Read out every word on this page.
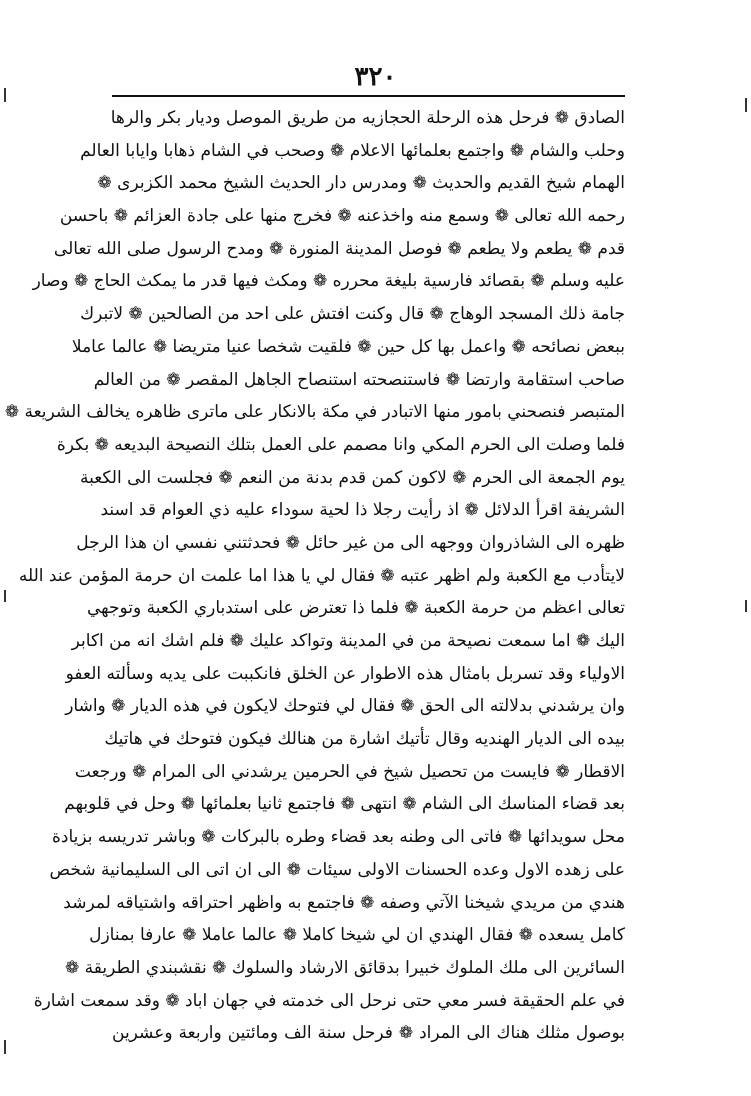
٣٢٠
الصادق ❁ فرحل هذه الرحلة الحجازيه من طريق الموصل وديار بكر والرها
وحلب والشام ❁ واجتمع بعلمائها الاعلام ❁ وصحب في الشام ذهابا وايابا العالم
الهمام شيخ القديم والحديث ❁ ومدرس دار الحديث الشيخ محمد الكزبرى ❁
رحمه الله تعالى ❁ وسمع منه واخذعنه ❁ فخرج منها على جادة العزائم ❁ باحسن
قدم ❁ يطعم ولا يطعم ❁ فوصل المدينة المنورة ❁ ومدح الرسول صلى الله تعالى
عليه وسلم ❁ بقصائد فارسية بليغة محرره ❁ ومكث فيها قدر ما يمكث الحاج ❁ وصار
جامة ذلك المسجد الوهاج ❁ قال وكنت افتش على احد من الصالحين ❁ لاتبرك
ببعض نصائحه ❁ واعمل بها كل حين ❁ فلقيت شخصا عنيا متريضا ❁ عالما عاملا
صاحب استقامة وارتضا ❁ فاستنصحته استنصاح الجاهل المقصر ❁ من العالم
المتبصر فنصحني بامور منها الاتبادر في مكة بالانكار على ماترى ظاهره يخالف الشريعة ❁
فلما وصلت الى الحرم المكي وانا مصمم على العمل بتلك النصيحة البديعه ❁ بكرة
يوم الجمعة الى الحرم ❁ لاكون كمن قدم بدنة من النعم ❁ فجلست الى الكعبة
الشريفة اقرأ الدلائل ❁ اذ رأيت رجلا ذا لحية سوداء عليه ذي العوام قد اسند
ظهره الى الشاذروان ووجهه الى من غير حائل ❁ فحدثتني نفسي ان هذا الرجل
لايتأدب مع الكعبة ولم اظهر عتبه ❁ فقال لي يا هذا اما علمت ان حرمة المؤمن عند الله
تعالى اعظم من حرمة الكعبة ❁ فلما ذا تعترض على استدباري الكعبة وتوجهي
اليك ❁ اما سمعت نصيحة من في المدينة وتواكد عليك ❁ فلم اشك انه من اكابر
الاولياء وقد تسربل بامثال هذه الاطوار عن الخلق فانكببت على يديه وسألته العفو
وان يرشدني بدلالته الى الحق ❁ فقال لي فتوحك لايكون في هذه الديار ❁ واشار
بيده الى الديار الهنديه وقال تأتيك اشارة من هنالك فيكون فتوحك في هاتيك
الاقطار ❁ فايست من تحصيل شيخ في الحرمين يرشدني الى المرام ❁ ورجعت
بعد قضاء المناسك الى الشام ❁ انتهى ❁ فاجتمع ثانيا بعلمائها ❁ وحل في قلوبهم
محل سويدائها ❁ فاتى الى وطنه بعد قضاء وطره بالبركات ❁ وباشر تدريسه بزيادة
على زهده الاول وعده الحسنات الاولى سيئات ❁ الى ان اتى الى السليمانية شخص
هندي من مريدي شيخنا الآتي وصفه ❁ فاجتمع به واظهر احتراقه واشتياقه لمرشد
كامل يسعده ❁ فقال الهندي ان لي شيخا كاملا ❁ عالما عاملا ❁ عارفا بمنازل
السائرين الى ملك الملوك خبيرا بدقائق الارشاد والسلوك ❁ نقشبندي الطريقة ❁
في علم الحقيقة فسر معي حتى نرحل الى خدمته في جهان اباد ❁ وقد سمعت اشارة
بوصول مثلك هناك الى المراد ❁ فرحل سنة الف ومائتين واربعة وعشرين
